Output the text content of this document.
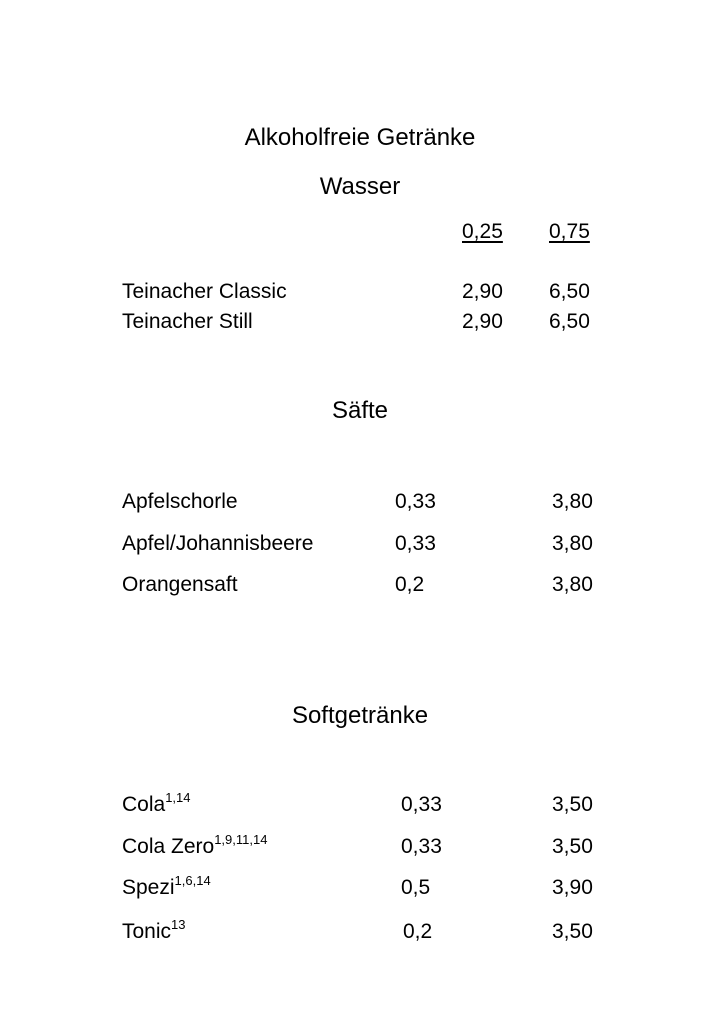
Alkoholfreie Getränke
Wasser
0,25 0,75
Teinacher Classic	2,90 6,50
Teinacher Still	2,90 6,50
Säfte
Apfelschorle	0,33	3,80
Apfel/Johannisbeere	0,33	3,80
Orangensaft	0,2	3,80
Softgetränke
Cola$^{1,14}$	0,33	3,50
Cola Zero$^{1,9,11,14}$	0,33	3,50
Spezi$^{1,6,14}$	0,5	3,90
Tonic$^{13}$	0,2	3,50
